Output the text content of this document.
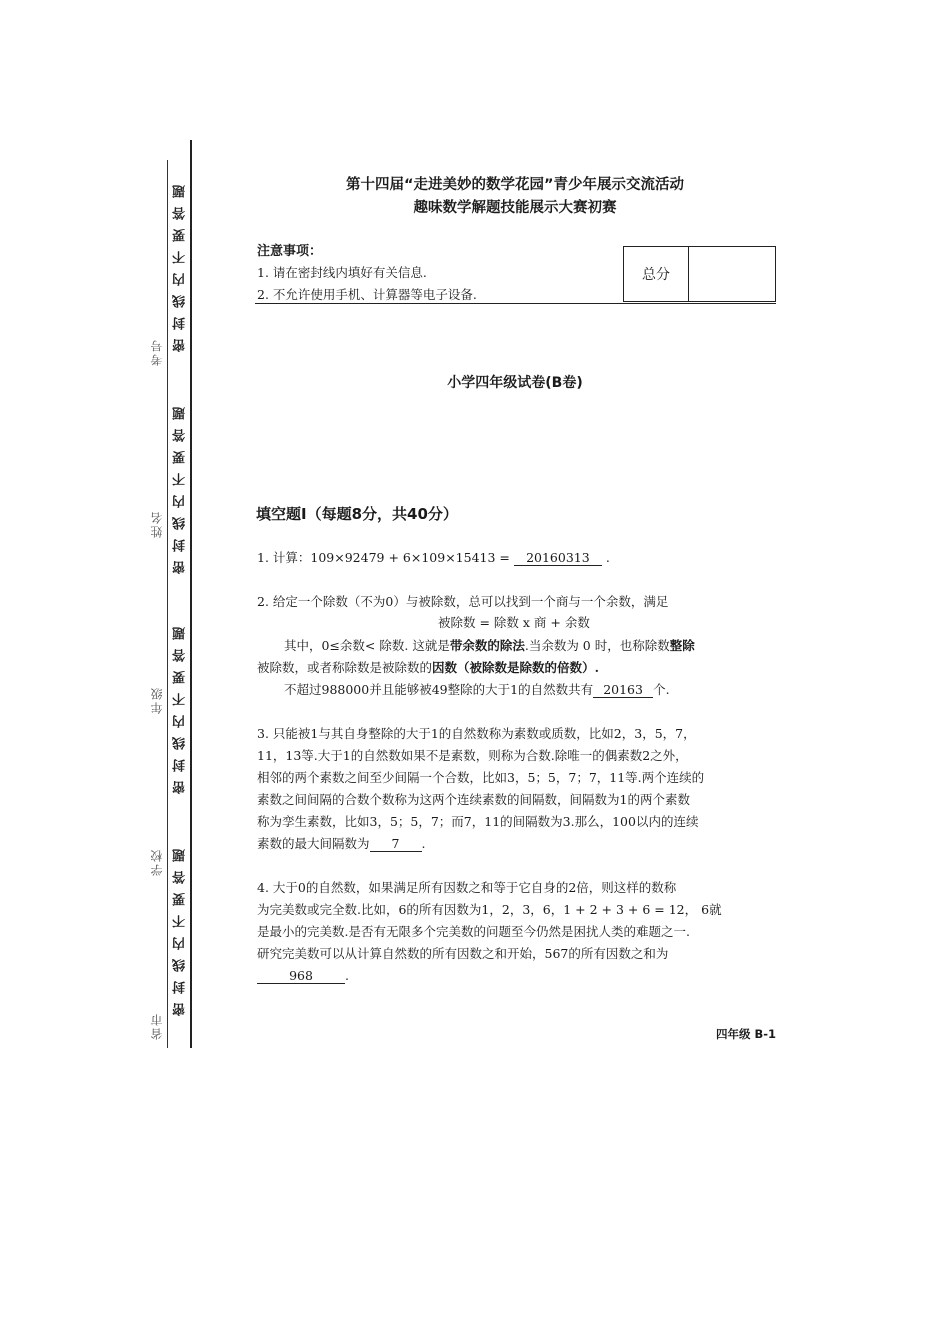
密封线内不要答题
密封线内不要答题
密封线内不要答题
密封线内不要答题
考号
姓名
年级
学校
省市
第十四届“走进美妙的数学花园”青少年展示交流活动
趣味数学解题技能展示大赛初赛
注意事项：
1. 请在密封线内填好有关信息.
2. 不允许使用手机、计算器等电子设备.
总分
小学四年级试卷(B卷)
填空题Ⅰ（每题8分，共40分）
1. 计算：109×92479 + 6×109×15413 = 20160313 .
2. 给定一个除数（不为0）与被除数，总可以找到一个商与一个余数，满足
被除数 = 除数 x 商 + 余数
其中，0≤余数< 除数. 这就是带余数的除法.当余数为 0 时，也称除数整除
被除数，或者称除数是被除数的因数（被除数是除数的倍数）.
不超过988000并且能够被49整除的大于1的自然数共有 20163 个.
3. 只能被1与其自身整除的大于1的自然数称为素数或质数，比如2，3，5，7，
11，13等.大于1的自然数如果不是素数，则称为合数.除唯一的偶素数2之外，
相邻的两个素数之间至少间隔一个合数，比如3，5；5，7；7，11等.两个连续的
素数之间间隔的合数个数称为这两个连续素数的间隔数，间隔数为1的两个素数
称为孪生素数，比如3，5；5，7；而7，11的间隔数为3.那么，100以内的连续
素数的最大间隔数为 7 .
4. 大于0的自然数，如果满足所有因数之和等于它自身的2倍，则这样的数称
为完美数或完全数.比如，6的所有因数为1，2，3，6，1 + 2 + 3 + 6 = 12， 6就
是最小的完美数.是否有无限多个完美数的问题至今仍然是困扰人类的难题之一.
研究完美数可以从计算自然数的所有因数之和开始，567的所有因数之和为
968	.
四年级 B-1
